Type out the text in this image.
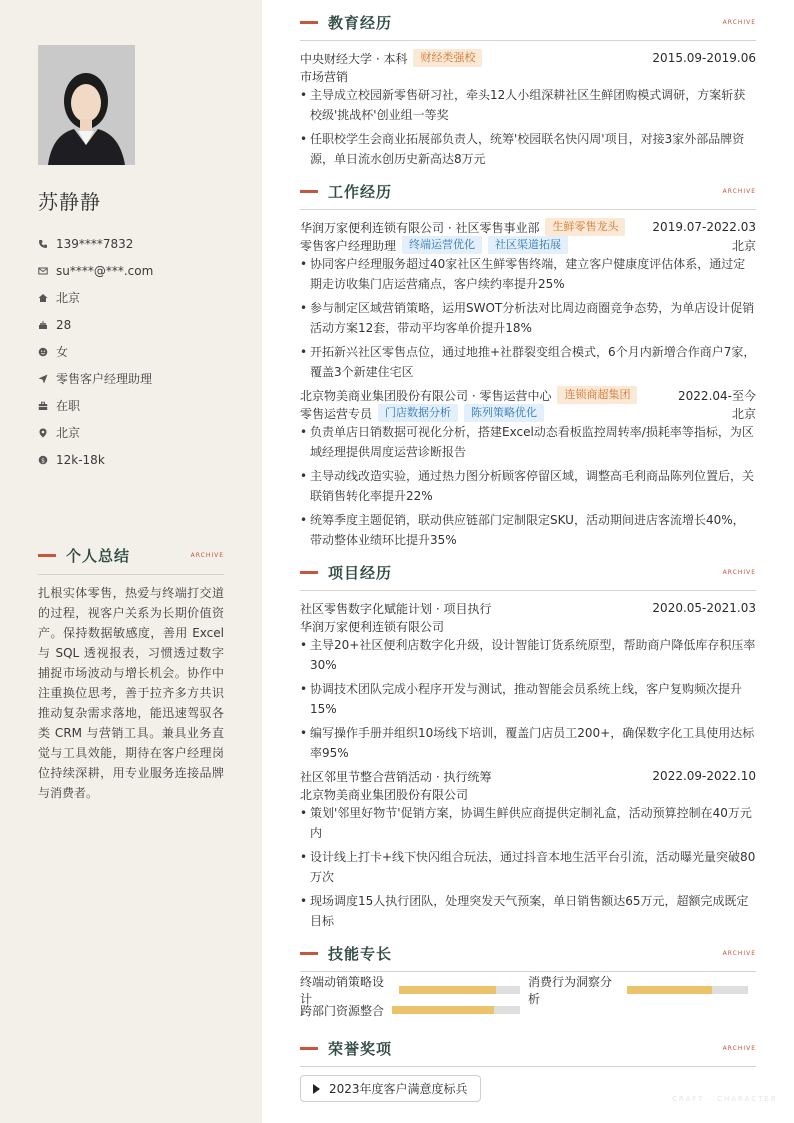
苏静静
139****7832
su****@***.com
北京
28
女
零售客户经理助理
在职
北京
$ 12k-18k
个人总结	ARCHIVE
扎根实体零售，热爱与终端打交道的过程，视客户关系为长期价值资产。保持数据敏感度，善用 Excel 与 SQL 透视报表，习惯透过数字捕捉市场波动与增长机会。协作中注重换位思考，善于拉齐多方共识推动复杂需求落地，能迅速驾驭各类 CRM 与营销工具。兼具业务直觉与工具效能，期待在客户经理岗位持续深耕，用专业服务连接品牌与消费者。
教育经历	ARCHIVE
中央财经大学 · 本科	财经类强校	2015.09-2019.06
市场营销
• 主导成立校园新零售研习社，牵头12人小组深耕社区生鲜团购模式调研，方案斩获校级'挑战杯'创业组一等奖
• 任职校学生会商业拓展部负责人，统筹'校园联名快闪周'项目，对接3家外部品牌资源，单日流水创历史新高达8万元
工作经历	ARCHIVE
华润万家便利连锁有限公司 · 社区零售事业部	生鲜零售龙头	2019.07-2022.03
零售客户经理助理	终端运营优化	社区渠道拓展	北京
• 协同客户经理服务超过40家社区生鲜零售终端，建立客户健康度评估体系，通过定期走访收集门店运营痛点，客户续约率提升25%
• 参与制定区域营销策略，运用SWOT分析法对比周边商圈竞争态势，为单店设计促销活动方案12套，带动平均客单价提升18%
• 开拓新兴社区零售点位，通过地推+社群裂变组合模式，6个月内新增合作商户7家，覆盖3个新建住宅区
北京物美商业集团股份有限公司 · 零售运营中心	连锁商超集团	2022.04-至今
零售运营专员	门店数据分析	陈列策略优化	北京
• 负责单店日销数据可视化分析，搭建Excel动态看板监控周转率/损耗率等指标，为区域经理提供周度运营诊断报告
• 主导动线改造实验，通过热力图分析顾客停留区域，调整高毛利商品陈列位置后，关联销售转化率提升22%
• 统筹季度主题促销，联动供应链部门定制限定SKU，活动期间进店客流增长40%，带动整体业绩环比提升35%
项目经历	ARCHIVE
社区零售数字化赋能计划 · 项目执行	2020.05-2021.03
华润万家便利连锁有限公司
• 主导20+社区便利店数字化升级，设计智能订货系统原型，帮助商户降低库存积压率30%
• 协调技术团队完成小程序开发与测试，推动智能会员系统上线，客户复购频次提升15%
• 编写操作手册并组织10场线下培训，覆盖门店员工200+，确保数字化工具使用达标率95%
社区邻里节整合营销活动 · 执行统筹	2022.09-2022.10
北京物美商业集团股份有限公司
• 策划'邻里好物节'促销方案，协调生鲜供应商提供定制礼盒，活动预算控制在40万元内
• 设计线上打卡+线下快闪组合玩法，通过抖音本地生活平台引流，活动曝光量突破80万次
• 现场调度15人执行团队，处理突发天气预案，单日销售额达65万元，超额完成既定目标
技能专长	ARCHIVE
终端动销策略设计
消费行为洞察分析
跨部门资源整合
荣誉奖项	ARCHIVE
2023年度客户满意度标兵
CRAFT · CHARACTER
